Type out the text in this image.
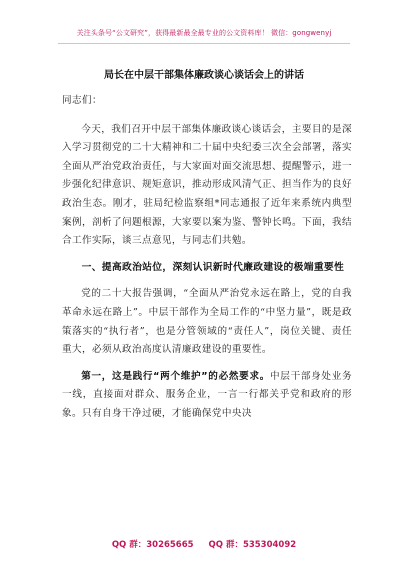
关注头条号“公文研究”，获得最新最全最专业的公文资料库！ 微信：gongwenyj
局长在中层干部集体廉政谈心谈话会上的讲话

同志们：

今天，我们召开中层干部集体廉政谈心谈话会，主要目的是深入学习贯彻党的二十大精神和二十届中央纪委三次全会部署，落实全面从严治党政治责任，与大家面对面交流思想、提醒警示，进一步强化纪律意识、规矩意识，推动形成风清气正、担当作为的良好政治生态。刚才，驻局纪检监察组*同志通报了近年来系统内典型案例，剖析了问题根源，大家要以案为鉴、警钟长鸣。下面，我结合工作实际，谈三点意见，与同志们共勉。

一、提高政治站位，深刻认识新时代廉政建设的极端重要性

党的二十大报告强调，“全面从严治党永远在路上，党的自我革命永远在路上”。中层干部作为全局工作的“中坚力量”，既是政策落实的“执行者”，也是分管领域的“责任人”，岗位关键、责任重大，必须从政治高度认清廉政建设的重要性。

第一，这是践行“两个维护”的必然要求。中层干部身处业务一线，直接面对群众、服务企业，一言一行都关乎党和政府的形象。只有自身干净过硬，才能确保党中央决

QQ 群：30265665 QQ 群：535304092
